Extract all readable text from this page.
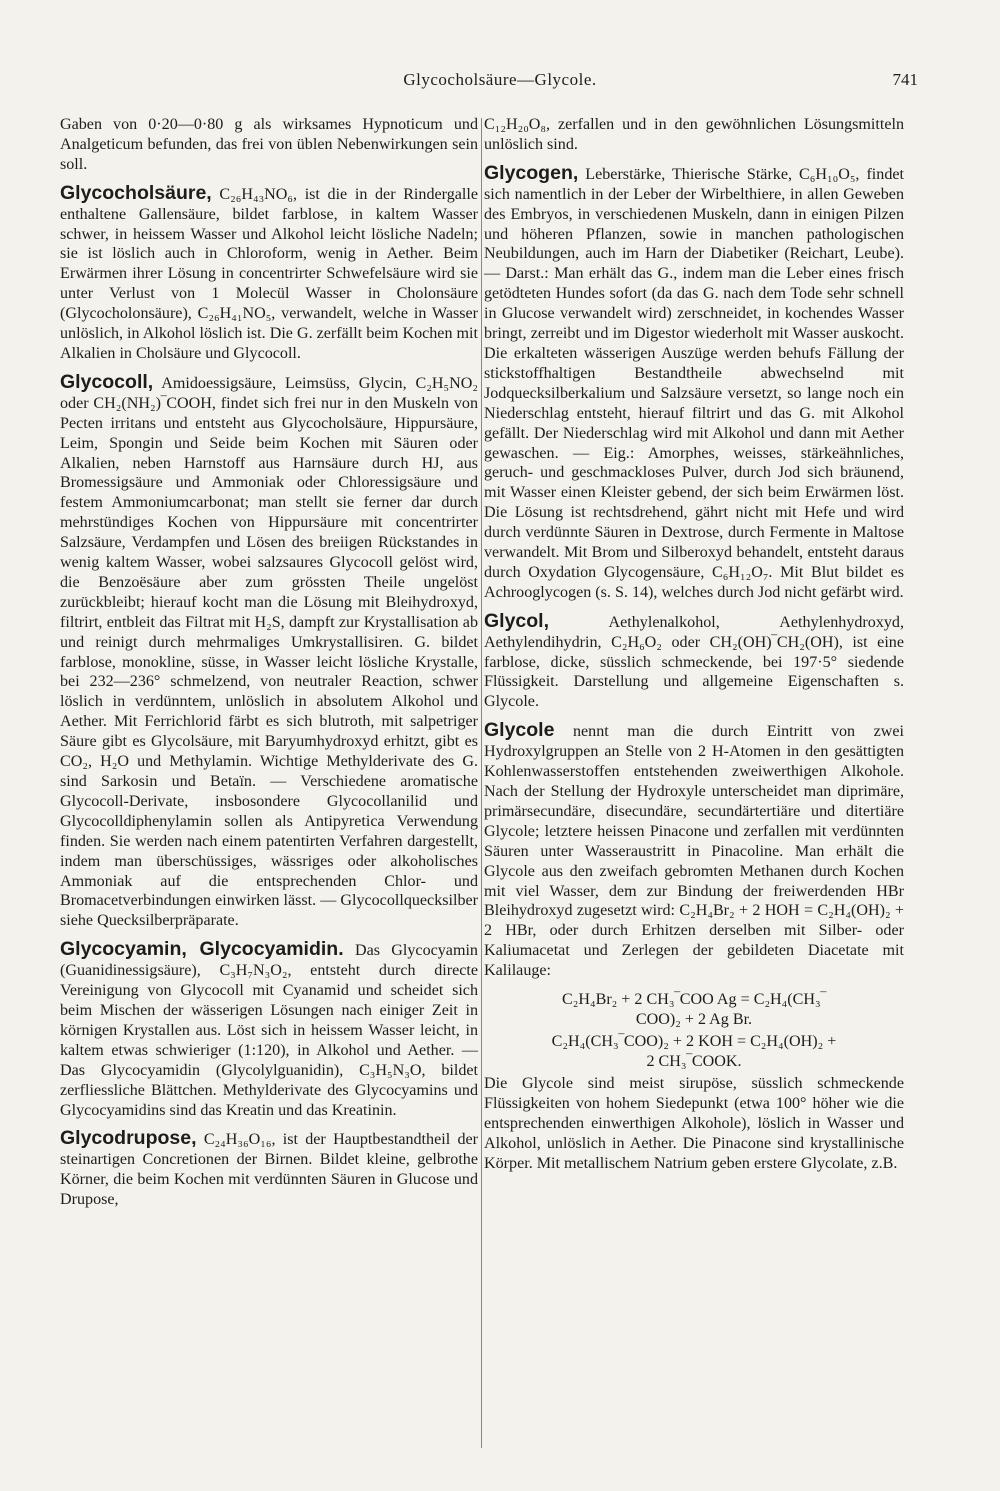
Glycocholsäure—Glycole.	741

Gaben von 0·20—0·80 g als wirksames Hypnoticum und Analgeticum befunden, das frei von üblen Nebenwirkungen sein soll.

Glycocholsäure, C₂₆H₄₃NO₆, ist die in der Rindergalle enthaltene Gallensäure, bildet farblose, in kaltem Wasser schwer, in heissem Wasser und Alkohol leicht lösliche Nadeln; sie ist löslich auch in Chloroform, wenig in Aether. Beim Erwärmen ihrer Lösung in concentrirter Schwefelsäure wird sie unter Verlust von 1 Molecül Wasser in Cholonsäure (Glycocholonsäure), C₂₆H₄₁NO₅, verwandelt, welche in Wasser unlöslich, in Alkohol löslich ist. Die G. zerfällt beim Kochen mit Alkalien in Cholsäure und Glycocoll.

Glycocoll, Amidoessigsäure, Leimsüss, Glycin, C₂H₅NO₂ oder CH₂(NH₂)‾COOH, findet sich frei nur in den Muskeln von Pecten irritans und entsteht aus Glycocholsäure, Hippursäure, Leim, Spongin und Seide beim Kochen mit Säuren oder Alkalien, neben Harnstoff aus Harnsäure durch HJ, aus Bromessigsäure und Ammoniak oder Chloressigsäure und festem Ammoniumcarbonat; man stellt sie ferner dar durch mehrstündiges Kochen von Hippursäure mit concentrirter Salzsäure, Verdampfen und Lösen des breiigen Rückstandes in wenig kaltem Wasser, wobei salzsaures Glycocoll gelöst wird, die Benzoësäure aber zum grössten Theile ungelöst zurückbleibt; hierauf kocht man die Lösung mit Bleihydroxyd, filtrirt, entbleit das Filtrat mit H₂S, dampft zur Krystallisation ab und reinigt durch mehrmaliges Umkrystallisiren. G. bildet farblose, monokline, süsse, in Wasser leicht lösliche Krystalle, bei 232—236° schmelzend, von neutraler Reaction, schwer löslich in verdünntem, unlöslich in absolutem Alkohol und Aether. Mit Ferrichlorid färbt es sich blutroth, mit salpetriger Säure gibt es Glycolsäure, mit Baryumhydroxyd erhitzt, gibt es CO₂, H₂O und Methylamin. Wichtige Methylderivate des G. sind Sarkosin und Betaïn. — Verschiedene aromatische Glycocoll-Derivate, insbosondere Glycocollanilid und Glycocolldiphenylamin sollen als Antipyretica Verwendung finden. Sie werden nach einem patentirten Verfahren dargestellt, indem man überschüssiges, wässriges oder alkoholisches Ammoniak auf die entsprechenden Chlor- und Bromacetverbindungen einwirken lässt. — Glycocollquecksilber siehe Quecksilberpräparate.

Glycocyamin, Glycocyamidin. Das Glycocyamin (Guanidinessigsäure), C₃H₇N₃O₂, entsteht durch directe Vereinigung von Glycocoll mit Cyanamid und scheidet sich beim Mischen der wässerigen Lösungen nach einiger Zeit in körnigen Krystallen aus. Löst sich in heissem Wasser leicht, in kaltem etwas schwieriger (1:120), in Alkohol und Aether. — Das Glycocyamidin (Glycolylguanidin), C₃H₅N₃O, bildet zerfliessliche Blättchen. Methylderivate des Glycocyamins und Glycocyamidins sind das Kreatin und das Kreatinin.

Glycodrupose, C₂₄H₃₆O₁₆, ist der Hauptbestandtheil der steinartigen Concretionen der Birnen. Bildet kleine, gelbrothe Körner, die beim Kochen mit verdünnten Säuren in Glucose und Drupose,

C₁₂H₂₀O₈, zerfallen und in den gewöhnlichen Lösungsmitteln unlöslich sind.

Glycogen, Leberstärke, Thierische Stärke, C₆H₁₀O₅, findet sich namentlich in der Leber der Wirbelthiere, in allen Geweben des Embryos, in verschiedenen Muskeln, dann in einigen Pilzen und höheren Pflanzen, sowie in manchen pathologischen Neubildungen, auch im Harn der Diabetiker (Reichart, Leube). — Darst.: Man erhält das G., indem man die Leber eines frisch getödteten Hundes sofort (da das G. nach dem Tode sehr schnell in Glucose verwandelt wird) zerschneidet, in kochendes Wasser bringt, zerreibt und im Digestor wiederholt mit Wasser auskocht. Die erkalteten wässerigen Auszüge werden behufs Fällung der stickstoffhaltigen Bestandtheile abwechselnd mit Jodquecksilberkalium und Salzsäure versetzt, so lange noch ein Niederschlag entsteht, hierauf filtrirt und das G. mit Alkohol gefällt. Der Niederschlag wird mit Alkohol und dann mit Aether gewaschen. — Eig.: Amorphes, weisses, stärkeähnliches, geruch- und geschmackloses Pulver, durch Jod sich bräunend, mit Wasser einen Kleister gebend, der sich beim Erwärmen löst. Die Lösung ist rechtsdrehend, gährt nicht mit Hefe und wird durch verdünnte Säuren in Dextrose, durch Fermente in Maltose verwandelt. Mit Brom und Silberoxyd behandelt, entsteht daraus durch Oxydation Glycogensäure, C₆H₁₂O₇. Mit Blut bildet es Achrooglycogen (s. S. 14), welches durch Jod nicht gefärbt wird.

Glycol,	Aethylenalkohol, Aethylenhydroxyd, Aethylendihydrin, C₂H₆O₂ oder CH₂(OH)‾CH₂(OH), ist eine farblose, dicke, süsslich schmeckende, bei 197·5° siedende Flüssigkeit. Darstellung und allgemeine Eigenschaften s. Glycole.

Glycole nennt man die durch Eintritt von zwei Hydroxylgruppen an Stelle von 2 H-Atomen in den gesättigten Kohlenwasserstoffen entstehenden zweiwerthigen Alkohole. Nach der Stellung der Hydroxyle unterscheidet man diprimäre, primärsecundäre, disecundäre, secundärtertiäre und ditertiäre Glycole; letztere heissen Pinacone und zerfallen mit verdünnten Säuren unter Wasseraustritt in Pinacoline. Man erhält die Glycole aus den zweifach gebromten Methanen durch Kochen mit viel Wasser, dem zur Bindung der freiwerdenden HBr Bleihydroxyd zugesetzt wird: C₂H₄Br₂ + 2 HOH = C₂H₄(OH)₂ + 2 HBr, oder durch Erhitzen derselben mit Silber- oder Kaliumacetat und Zerlegen der gebildeten Diacetate mit Kalilauge:

C₂H₄Br₂ + 2 CH₃‾COO Ag = C₂H₄(CH₃‾
COO)₂ + 2 Ag Br.
C₂H₄(CH₃‾COO)₂ + 2 KOH = C₂H₄(OH)₂ +
2 CH₃‾COOK.

Die Glycole sind meist sirupöse, süsslich schmeckende Flüssigkeiten von hohem Siedepunkt (etwa 100° höher wie die entsprechenden einwerthigen Alkohole), löslich in Wasser und Alkohol, unlöslich in Aether. Die Pinacone sind krystallinische Körper. Mit metallischem Natrium geben erstere Glycolate, z.B.
